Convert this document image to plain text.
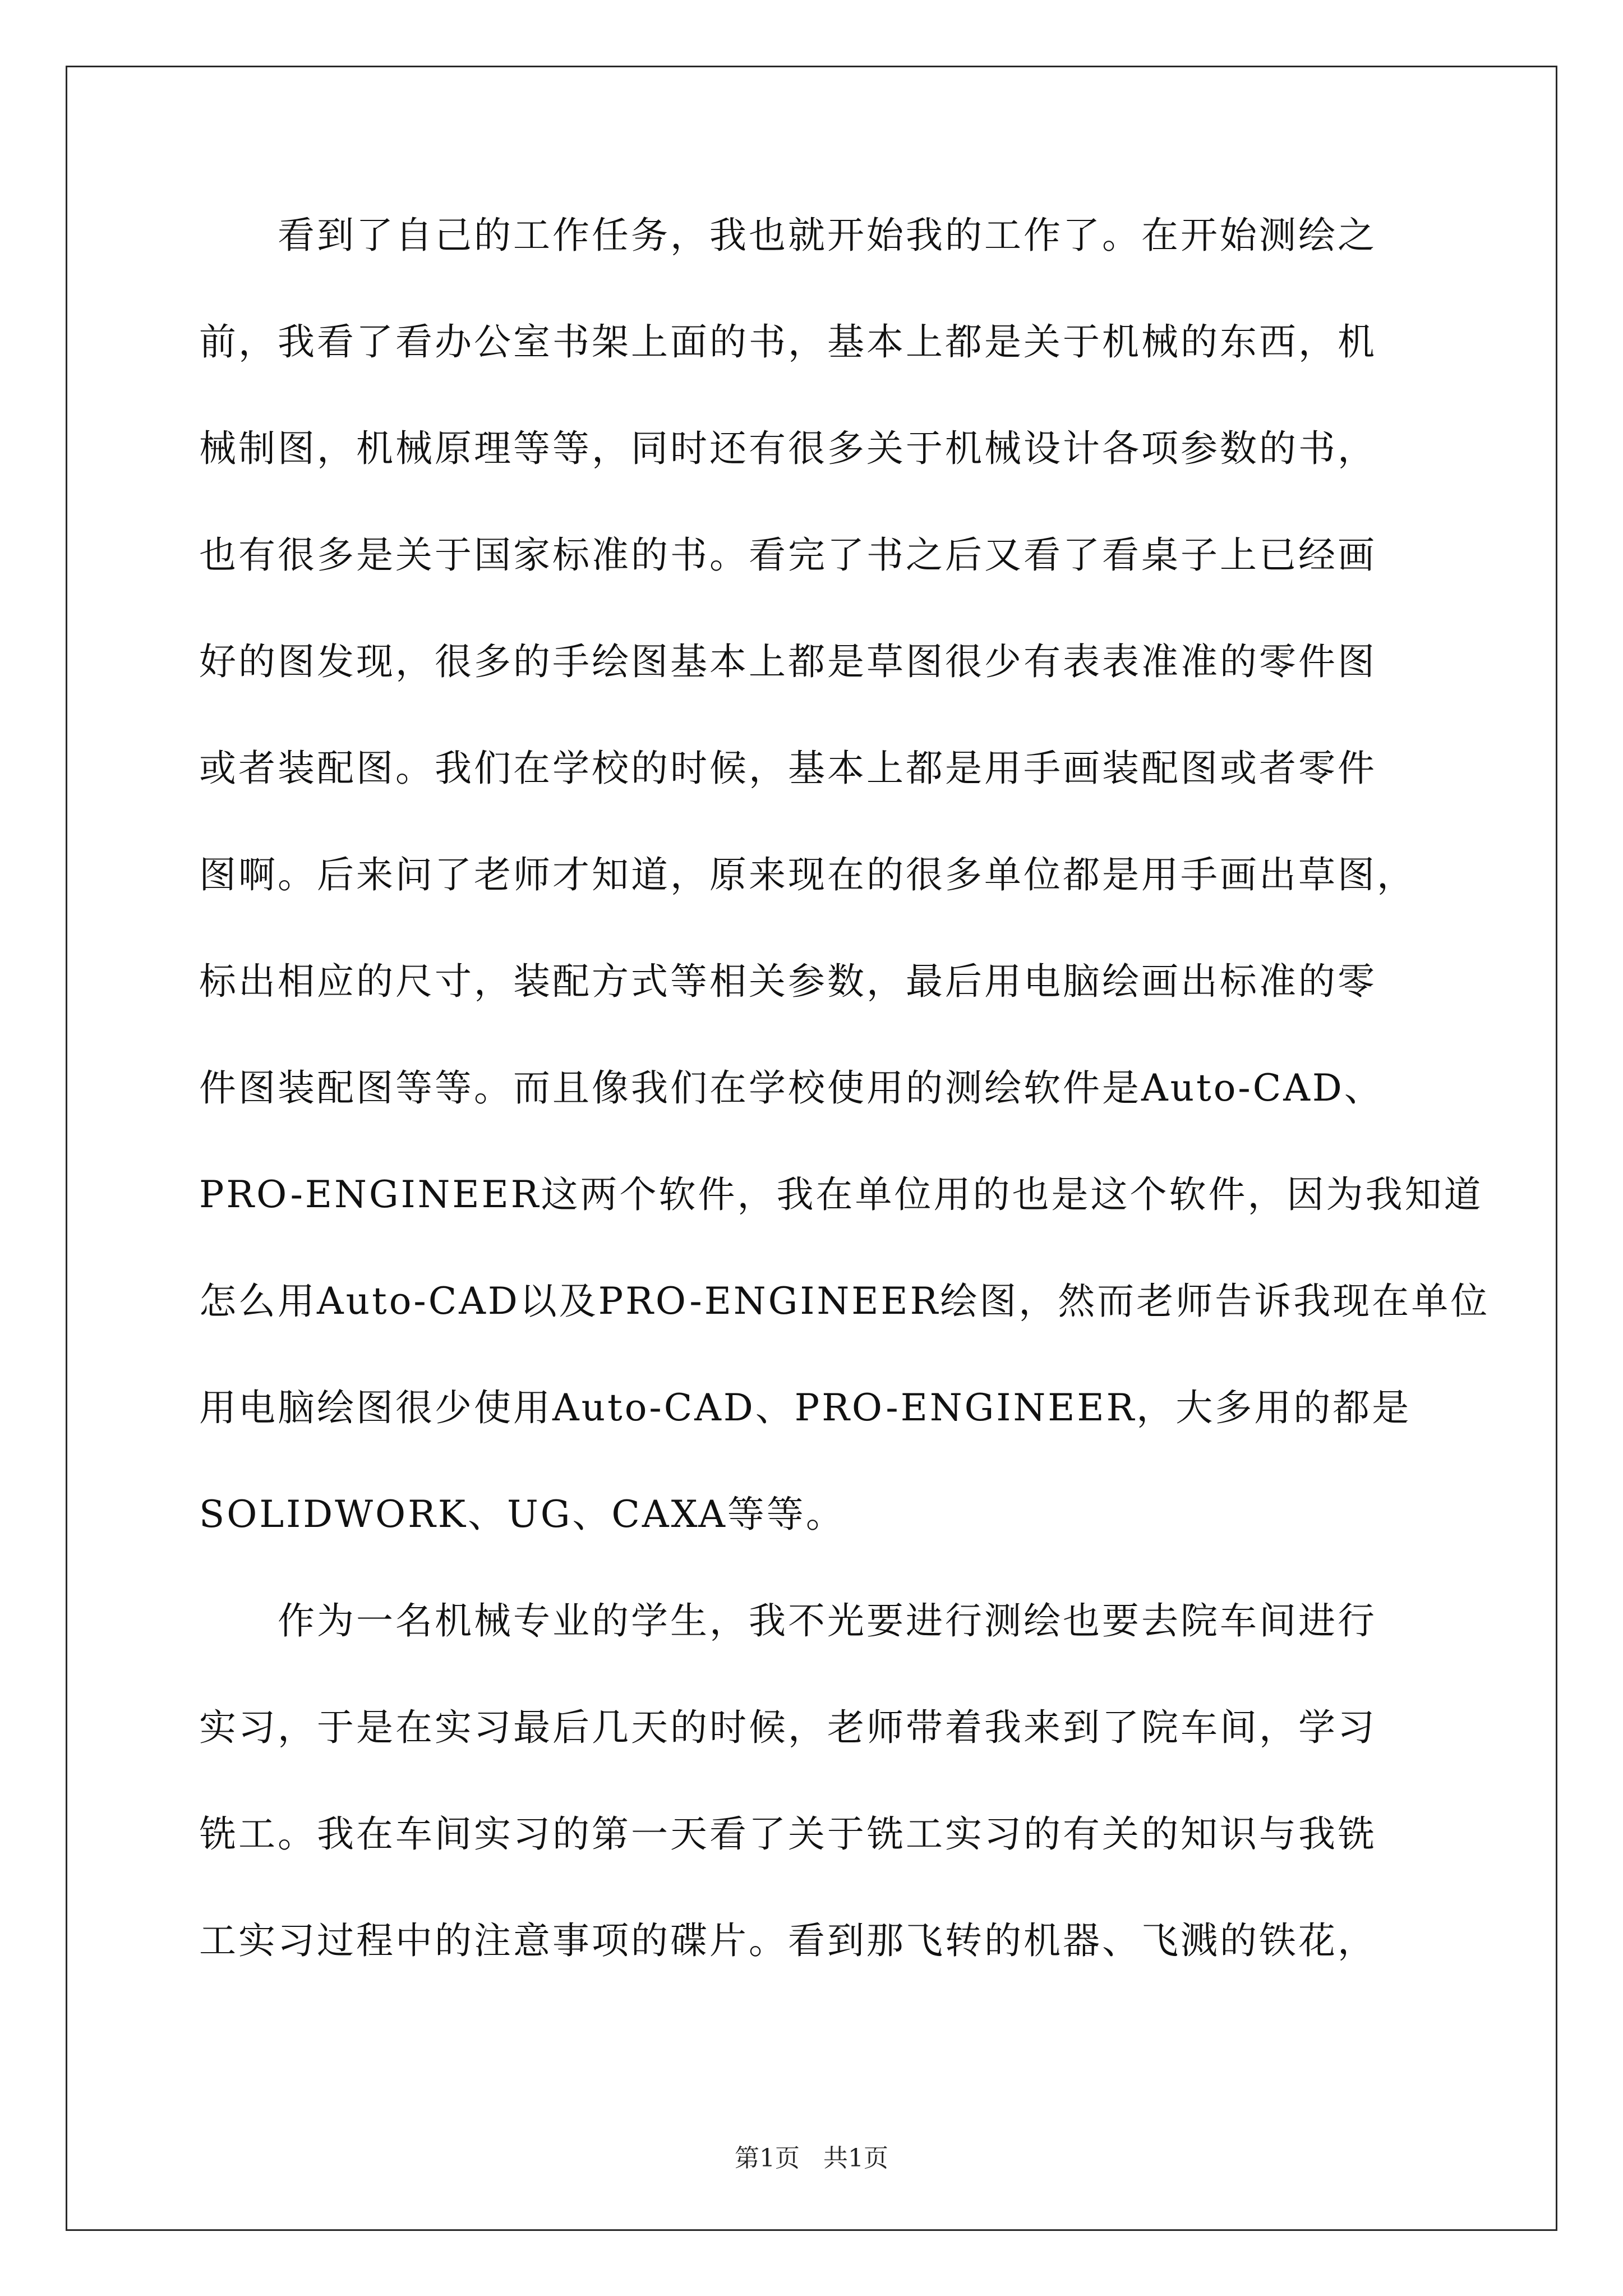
看到了自己的工作任务，我也就开始我的工作了。在开始测绘之
前，我看了看办公室书架上面的书，基本上都是关于机械的东西，机
械制图，机械原理等等，同时还有很多关于机械设计各项参数的书，
也有很多是关于国家标准的书。看完了书之后又看了看桌子上已经画
好的图发现，很多的手绘图基本上都是草图很少有表表准准的零件图
或者装配图。我们在学校的时候，基本上都是用手画装配图或者零件
图啊。后来问了老师才知道，原来现在的很多单位都是用手画出草图，
标出相应的尺寸，装配方式等相关参数，最后用电脑绘画出标准的零
件图装配图等等。而且像我们在学校使用的测绘软件是Auto-CAD、
PRO-ENGINEER这两个软件，我在单位用的也是这个软件，因为我知道
怎么用Auto-CAD以及PRO-ENGINEER绘图，然而老师告诉我现在单位
用电脑绘图很少使用Auto-CAD、PRO-ENGINEER，大多用的都是
SOLIDWORK、UG、CAXA等等。
作为一名机械专业的学生，我不光要进行测绘也要去院车间进行
实习，于是在实习最后几天的时候，老师带着我来到了院车间，学习
铣工。我在车间实习的第一天看了关于铣工实习的有关的知识与我铣
工实习过程中的注意事项的碟片。看到那飞转的机器、飞溅的铁花，
第1页 共1页
